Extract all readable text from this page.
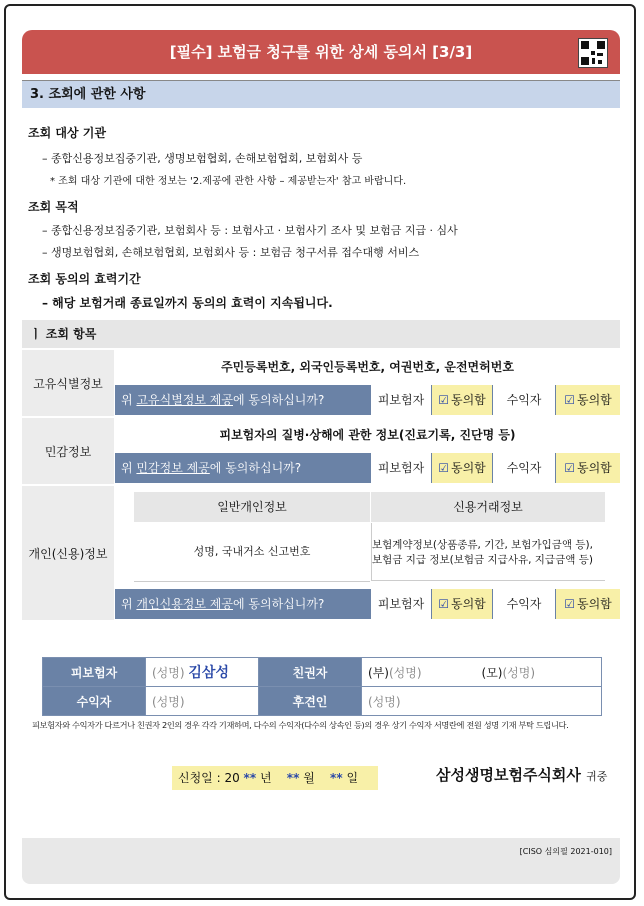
[필수] 보험금 청구를 위한 상세 동의서 [3/3]
3. 조회에 관한 사항
조회 대상 기관
– 종합신용정보집중기관, 생명보험협회, 손해보험협회, 보험회사 등
* 조회 대상 기관에 대한 정보는 '2.제공에 관한 사항 – 제공받는자' 참고 바랍니다.
조회 목적
– 종합신용정보집중기관, 보험회사 등 : 보험사고 · 보험사기 조사 및 보험금 지급 · 심사
– 생명보험협회, 손해보험협회, 보험회사 등 : 보험금 청구서류 접수대행 서비스
조회 동의의 효력기간
– 해당 보험거래 종료일까지 동의의 효력이 지속됩니다.
ㅣ 조회 항목
고유식별정보
주민등록번호, 외국인등록번호, 여권번호, 운전면허번호
위 고유식별정보 제공에 동의하십니까?	피보험자	☑ 동의함	수익자	☑ 동의함
민감정보
피보험자의 질병·상해에 관한 정보(진료기록, 진단명 등)
위 민감정보 제공에 동의하십니까?	피보험자	☑ 동의함	수익자	☑ 동의함
개인(신용)정보
일반개인정보	신용거래정보
성명, 국내거소 신고번호	보험계약정보(상품종류, 기간, 보험가입금액 등),
보험금 지급 정보(보험금 지급사유, 지급금액 등)
위 개인신용정보 제공에 동의하십니까?	피보험자	☑ 동의함	수익자	☑ 동의함
피보험자	(성명) 김삼성	친권자	(부)(성명) (모)(성명)
수익자	(성명)	후견인	(성명)
피보험자와 수익자가 다르거나 친권자 2인의 경우 각각 기재하며, 다수의 수익자(다수의 상속인 등)의 경우 상기 수익자 서명란에 전원 성명 기재 부탁 드립니다.
신청일 : 20 ** 년 ** 월 ** 일	삼성생명보험주식회사 귀중
[CISO 심의필 2021-010]
